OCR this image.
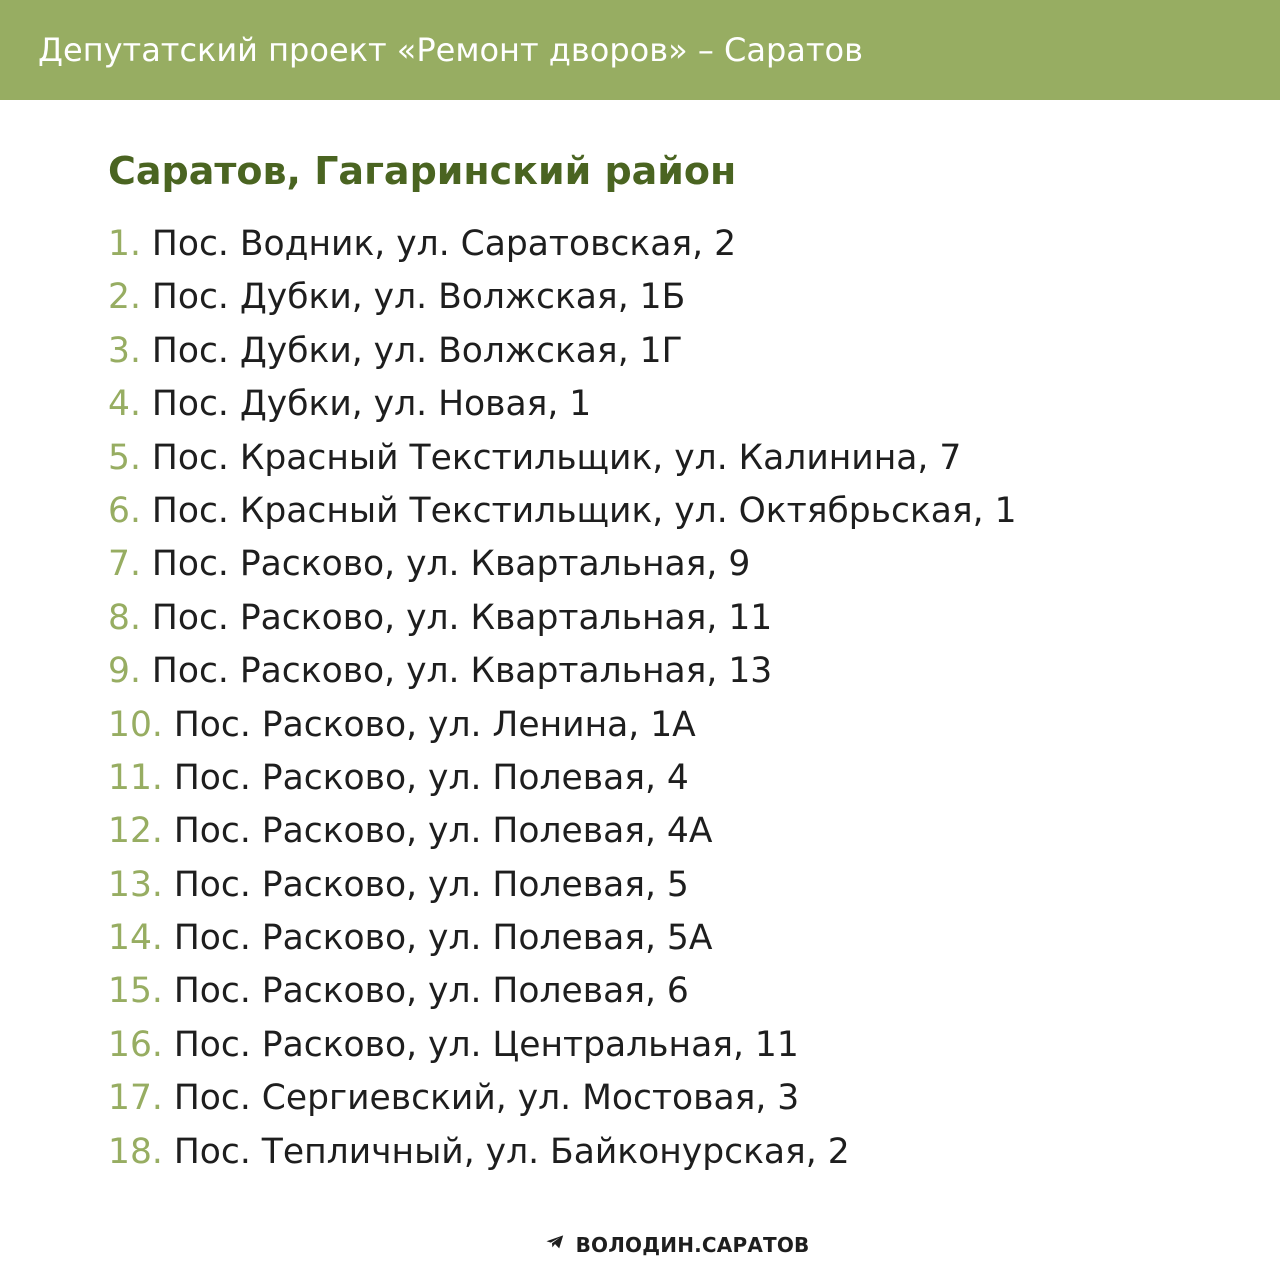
Депутатский проект «Ремонт дворов» – Саратов
Саратов, Гагаринский район
1. Пос. Водник, ул. Саратовская, 2
2. Пос. Дубки, ул. Волжская, 1Б
3. Пос. Дубки, ул. Волжская, 1Г
4. Пос. Дубки, ул. Новая, 1
5. Пос. Красный Текстильщик, ул. Калинина, 7
6. Пос. Красный Текстильщик, ул. Октябрьская, 1
7. Пос. Расково, ул. Квартальная, 9
8. Пос. Расково, ул. Квартальная, 11
9. Пос. Расково, ул. Квартальная, 13
10. Пос. Расково, ул. Ленина, 1А
11. Пос. Расково, ул. Полевая, 4
12. Пос. Расково, ул. Полевая, 4А
13. Пос. Расково, ул. Полевая, 5
14. Пос. Расково, ул. Полевая, 5А
15. Пос. Расково, ул. Полевая, 6
16. Пос. Расково, ул. Центральная, 11
17. Пос. Сергиевский, ул. Мостовая, 3
18. Пос. Тепличный, ул. Байконурская, 2
ВОЛОДИН.САРАТОВ
